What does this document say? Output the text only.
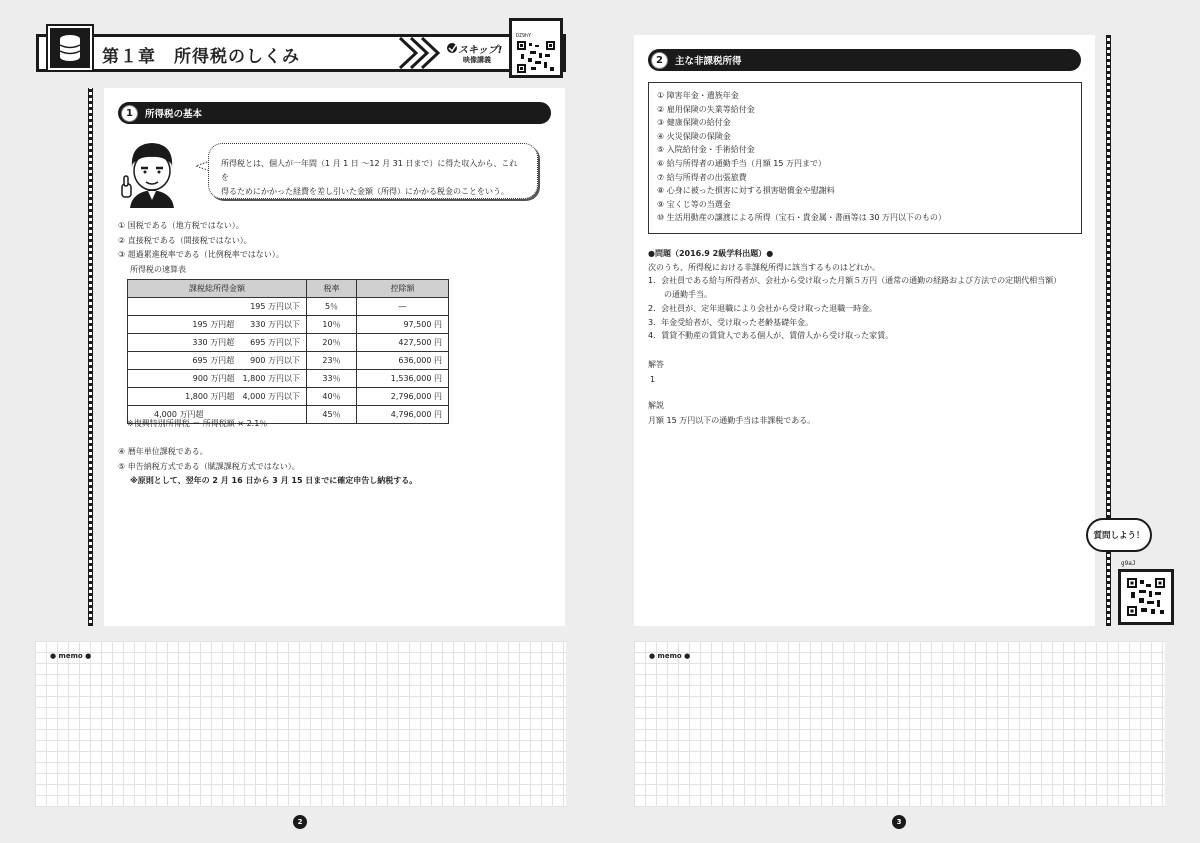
第１章　所得税のしくみ	スキップ!
映像講義
DZ9hY
1	所得税の基本
所得税とは、個人が一年間（1 月 1 日 ～12 月 31 日まで）に得た収入から、これを
得るためにかかった経費を差し引いた金額（所得）にかかる税金のことをいう。
① 国税である（地方税ではない）。
② 直接税である（間接税ではない）。
③ 超過累進税率である（比例税率ではない）。
所得税の速算表
課税総所得金額	税率	控除額
195 万円以下	5％	―
195 万円超　　330 万円以下	10％	97,500 円
330 万円超　　695 万円以下	20％	427,500 円
695 万円超　　900 万円以下	23％	636,000 円
900 万円超　1,800 万円以下	33％	1,536,000 円
1,800 万円超　4,000 万円以下	40％	2,796,000 円
4,000 万円超	45％	4,796,000 円
※復興特別所得税 ＝ 所得税額 × 2.1％
④ 暦年単位課税である。
⑤ 申告納税方式である（賦課課税方式ではない）。
※原則として、翌年の 2 月 16 日から 3 月 15 日までに確定申告し納税する。
● memo ●
2
2	主な非課税所得
① 障害年金・遺族年金
② 雇用保険の失業等給付金
③ 健康保険の給付金
④ 火災保険の保険金
⑤ 入院給付金・手術給付金
⑥ 給与所得者の通勤手当（月額 15 万円まで）
⑦ 給与所得者の出張旅費
⑧ 心身に被った損害に対する損害賠償金や慰謝料
⑨ 宝くじ等の当選金
⑩ 生活用動産の譲渡による所得（宝石・貴金属・書画等は 30 万円以下のもの）
●問題（2016.9 2級学科出題）●
次のうち、所得税における非課税所得に該当するものはどれか。
1．会社員である給与所得者が、会社から受け取った月額５万円（通常の通勤の経路および方法での定期代相当額）
　　の通勤手当。
2．会社員が、定年退職により会社から受け取った退職一時金。
3．年金受給者が、受け取った老齢基礎年金。
4．賃貸不動産の賃貸人である個人が、賃借人から受け取った家賃。
解答
1
解説
月額 15 万円以下の通勤手当は非課税である。
質問しよう！
g9aJ
● memo ●
3
